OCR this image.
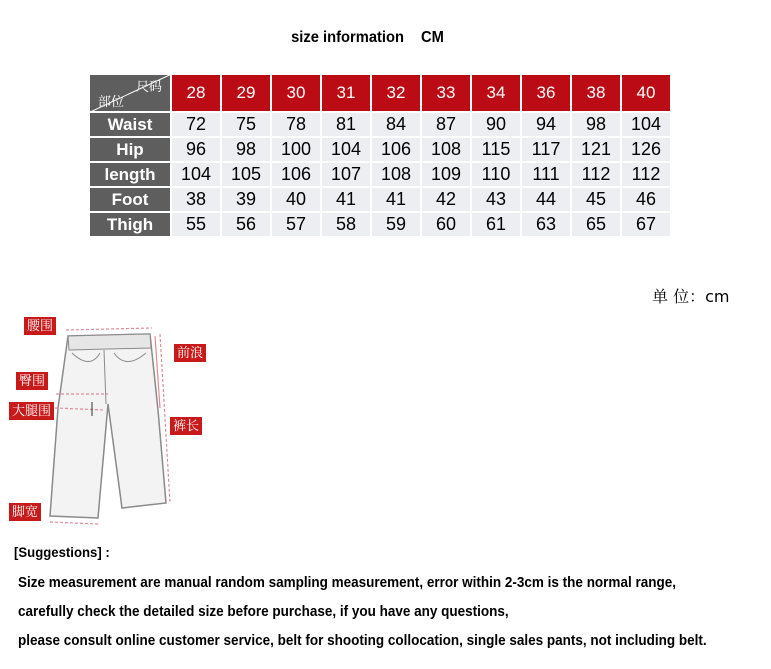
size information CM
尺码
部位	28	29	30	31	32	33	34	36	38	40
Waist	72	75	78	81	84	87	90	94	98	104
Hip	96	98	100	104	106	108	115	117	121	126
length	104	105	106	107	108	109	110	111	112	112
Foot	38	39	40	41	41	42	43	44	45	46
Thigh	55	56	57	58	59	60	61	63	65	67
单 位：cm
腰围
前浪
臀围
大腿围
裤长
脚宽
[Suggestions] :
Size measurement are manual random sampling measurement, error within 2-3cm is the normal range,
carefully check the detailed size before purchase, if you have any questions,
please consult online customer service, belt for shooting collocation, single sales pants, not including belt.
